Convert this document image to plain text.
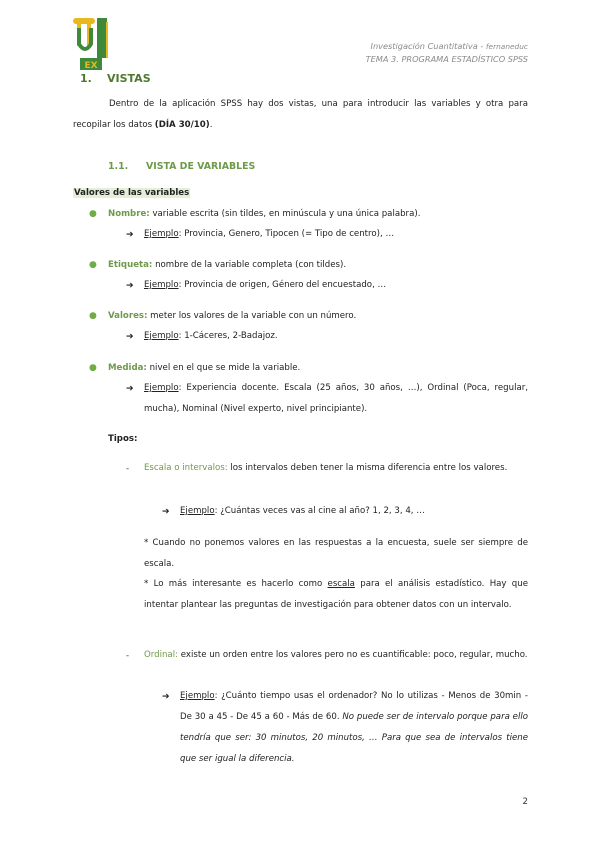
EX
Investigación Cuantitativa - fernaneduc
TEMA 3. PROGRAMA ESTADÍSTICO SPSS
1. VISTAS
Dentro de la aplicación SPSS hay dos vistas, una para introducir las variables y otra para recopilar los datos (DÍA 30/10).
1.1. VISTA DE VARIABLES
Valores de las variables
● Nombre: variable escrita (sin tildes, en minúscula y una única palabra).
➔ Ejemplo: Provincia, Genero, Tipocen (= Tipo de centro), …
● Etiqueta: nombre de la variable completa (con tildes).
➔ Ejemplo: Provincia de origen, Género del encuestado, …
● Valores: meter los valores de la variable con un número.
➔ Ejemplo: 1-Cáceres, 2-Badajoz.
● Medida: nivel en el que se mide la variable.
➔ Ejemplo: Experiencia docente. Escala (25 años, 30 años, …), Ordinal (Poca, regular, mucha), Nominal (Nivel experto, nivel principiante).
Tipos:
- Escala o intervalos: los intervalos deben tener la misma diferencia entre los valores.
➔ Ejemplo: ¿Cuántas veces vas al cine al año? 1, 2, 3, 4, …
* Cuando no ponemos valores en las respuestas a la encuesta, suele ser siempre de escala.
* Lo más interesante es hacerlo como escala para el análisis estadístico. Hay que intentar plantear las preguntas de investigación para obtener datos con un intervalo.
- Ordinal: existe un orden entre los valores pero no es cuantificable: poco, regular, mucho.
➔ Ejemplo: ¿Cuánto tiempo usas el ordenador? No lo utilizas - Menos de 30min - De 30 a 45 - De 45 a 60 - Más de 60. No puede ser de intervalo porque para ello tendría que ser: 30 minutos, 20 minutos, … Para que sea de intervalos tiene que ser igual la diferencia.
2
